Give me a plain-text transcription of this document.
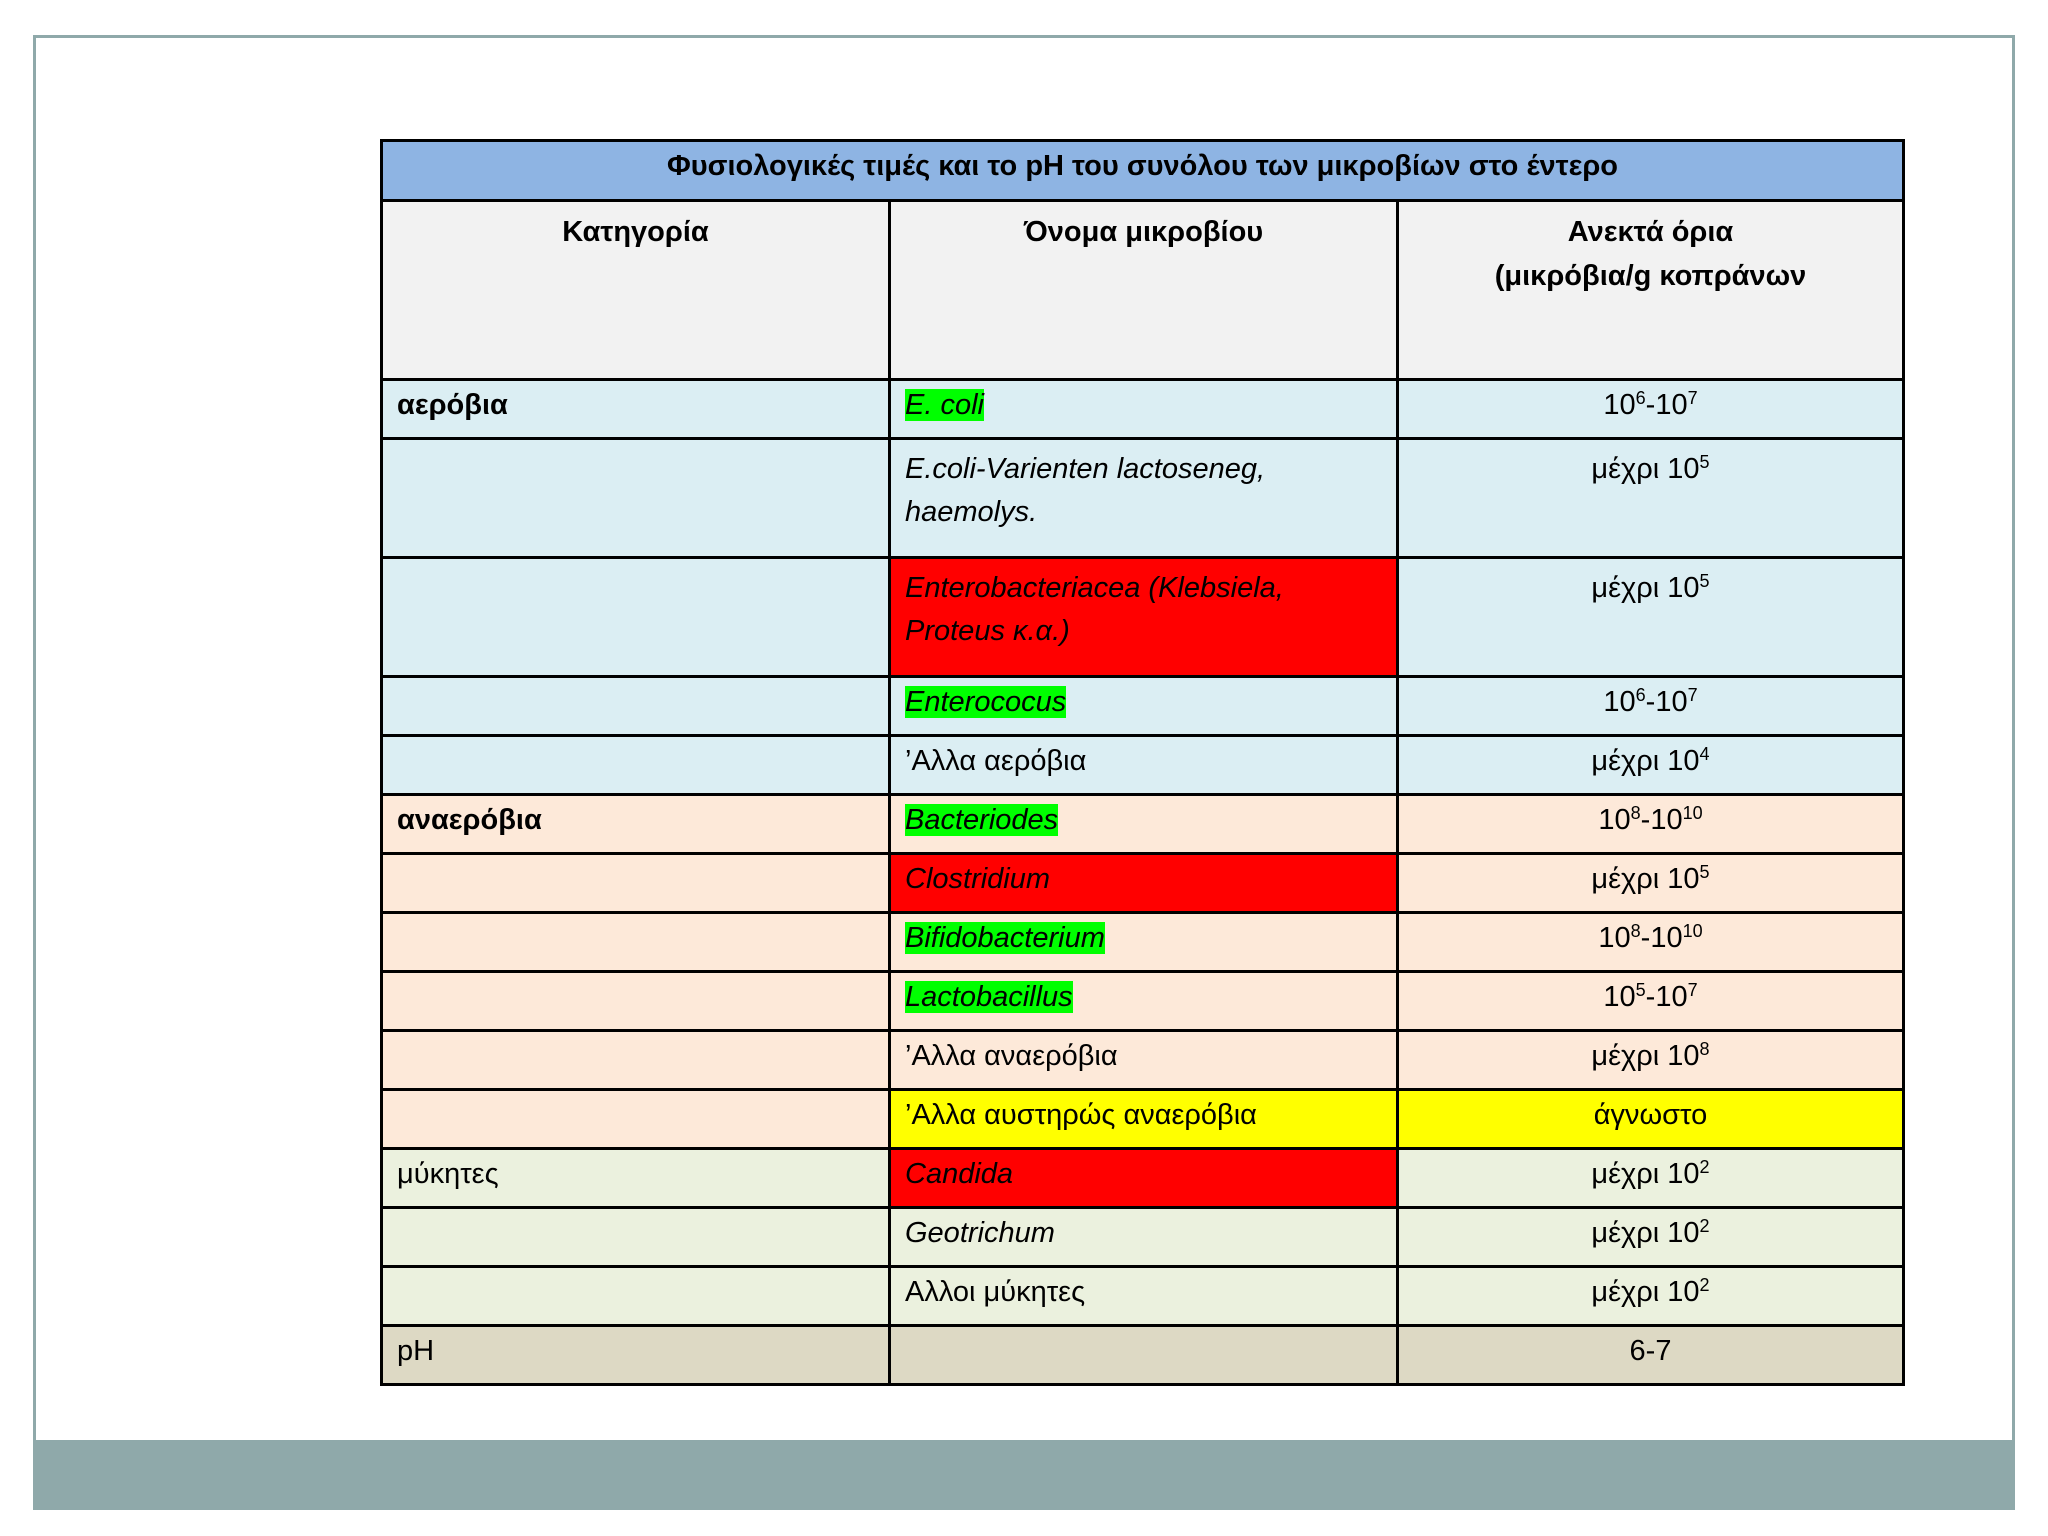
Φυσιολογικές τιμές και το pH του συνόλου των μικροβίων στο έντερο		
Κατηγορία	Όνομα μικροβίου	Ανεκτά όρια
(μικρόβια/g κοπράνων

αερόβια	E. coli	$10^6-10^7$
	E.coli-Varienten lactoseneg, haemolys.	μέχρι $10^5$
	Enterobacteriacea (Klebsiela, Proteus κ.α.)	μέχρι $10^5$
	Enterococus	$10^6-10^7$
	’Αλλα αερόβια	μέχρι $10^4$
αναερόβια	Bacteriodes	$10^8-10^{10}$
	Clostridium	μέχρι $10^5$
	Bifidobacterium	$10^8-10^{10}$
	Lactobacillus	$10^5-10^7$
	’Αλλα αναερόβια	μέχρι $10^8$
	’Αλλα αυστηρώς αναερόβια	άγνωστο
μύκητες	Candida	μέχρι $10^2$
	Geotrichum	μέχρι $10^2$
	Αλλοι μύκητες	μέχρι $10^2$
pH		6-7
